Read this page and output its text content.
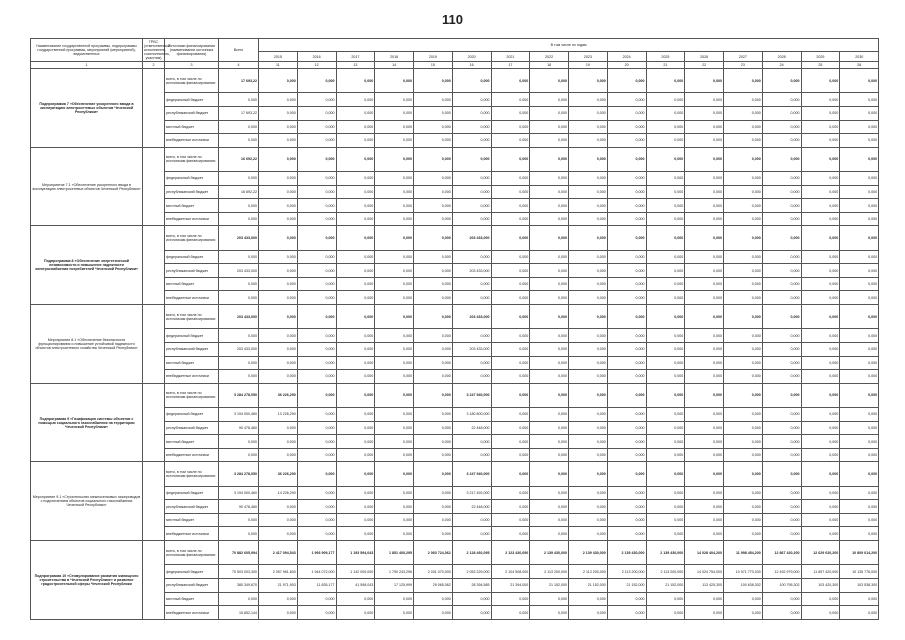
110
Наименование государственной программы, подпрограммы государственной программы, мероприятий (мероприятий), ведомственных	ГРБС (ответственный исполнитель, соисполнитель, участник)	Источники финансирования (наименование источника финансирования)	Всего	В том числе по годам															
				2015	2016	2017	2018	2019	2020	2021	2022	2023	2024	2025	2026	2027	2028	2029	2030
1	2	3	4	11	12	13	14	15	16	17	18	19	20	21	22	23	24	25	26
Подпрограмма 7 «Обеспечение ускоренного ввода в эксплуатацию электросетевых объектов Чеченской Республики»		всего, в том числе по источникам финансирования:	17 693,22	0,000	0,000	0,000	0,000	0,000	0,000	0,000	0,000	0,000	0,000	0,000	0,000	0,000	0,000	0,000	0,000
		федеральный бюджет	0,000	0,000	0,000	0,000	0,000	0,000	0,000	0,000	0,000	0,000	0,000	0,000	0,000	0,000	0,000	0,000	0,000
		республиканский бюджет	17 693,22	0,000	0,000	0,000	0,000	0,000	0,000	0,000	0,000	0,000	0,000	0,000	0,000	0,000	0,000	0,000	0,000
		местный бюджет	0,000	0,000	0,000	0,000	0,000	0,000	0,000	0,000	0,000	0,000	0,000	0,000	0,000	0,000	0,000	0,000	0,000
		внебюджетные источники	0,000	0,000	0,000	0,000	0,000	0,000	0,000	0,000	0,000	0,000	0,000	0,000	0,000	0,000	0,000	0,000	0,000
Мероприятие 7.1 «Обеспечение ускоренного ввода в эксплуатацию электросетевых объектов Чеченской Республики»		всего, в том числе по источникам финансирования:	16 692,22	0,000	0,000	0,000	0,000	0,000	0,000	0,000	0,000	0,000	0,000	0,000	0,000	0,000	0,000	0,000	0,000
		федеральный бюджет	0,000	0,000	0,000	0,000	0,000	0,000	0,000	0,000	0,000	0,000	0,000	0,000	0,000	0,000	0,000	0,000	0,000
		республиканский бюджет	16 692,22	0,000	0,000	0,000	0,000	0,000	0,000	0,000	0,000	0,000	0,000	0,000	0,000	0,000	0,000	0,000	0,000
		местный бюджет	0,000	0,000	0,000	0,000	0,000	0,000	0,000	0,000	0,000	0,000	0,000	0,000	0,000	0,000	0,000	0,000	0,000
		внебюджетные источники	0,000	0,000	0,000	0,000	0,000	0,000	0,000	0,000	0,000	0,000	0,000	0,000	0,000	0,000	0,000	0,000	0,000
Подпрограмма 8 «Обеспечение энергетической независимости и повышение надежности электроснабжения потребителей Чеченской Республики»		всего, в том числе по источникам финансирования:	203 433,000	0,000	0,000	0,000	0,000	0,000	203 433,000	0,000	0,000	0,000	0,000	0,000	0,000	0,000	0,000	0,000	0,000
		федеральный бюджет	0,000	0,000	0,000	0,000	0,000	0,000	0,000	0,000	0,000	0,000	0,000	0,000	0,000	0,000	0,000	0,000	0,000
		республиканский бюджет	203 433,000	0,000	0,000	0,000	0,000	0,000	203 433,000	0,000	0,000	0,000	0,000	0,000	0,000	0,000	0,000	0,000	0,000
		местный бюджет	0,000	0,000	0,000	0,000	0,000	0,000	0,000	0,000	0,000	0,000	0,000	0,000	0,000	0,000	0,000	0,000	0,000
		внебюджетные источники	0,000	0,000	0,000	0,000	0,000	0,000	0,000	0,000	0,000	0,000	0,000	0,000	0,000	0,000	0,000	0,000	0,000
Мероприятие 8.1 «Обеспечение безопасности функционирования и повышение устойчивой надежности объектов электросетевого хозяйства Чеченской Республики»		всего, в том числе по источникам финансирования:	203 433,000	0,000	0,000	0,000	0,000	0,000	203 433,000	0,000	0,000	0,000	0,000	0,000	0,000	0,000	0,000	0,000	0,000
		федеральный бюджет	0,000	0,000	0,000	0,000	0,000	0,000	0,000	0,000	0,000	0,000	0,000	0,000	0,000	0,000	0,000	0,000	0,000
		республиканский бюджет	203 433,000	0,000	0,000	0,000	0,000	0,000	203 433,000	0,000	0,000	0,000	0,000	0,000	0,000	0,000	0,000	0,000	0,000
		местный бюджет	0,000	0,000	0,000	0,000	0,000	0,000	0,000	0,000	0,000	0,000	0,000	0,000	0,000	0,000	0,000	0,000	0,000
		внебюджетные источники	0,000	0,000	0,000	0,000	0,000	0,000	0,000	0,000	0,000	0,000	0,000	0,000	0,000	0,000	0,000	0,000	0,000
Подпрограмма 9 «Газификация системы объектов с помощью социального газоснабжения на территории Чеченской Республики»		всего, в том числе по источникам финансирования:	3 284 278,050	36 226,290	0,000	0,000	0,000	0,000	3 247 940,000	0,000	0,000	0,000	0,000	0,000	0,000	0,000	0,000	0,000	0,000
		федеральный бюджет	3 194 000,460	13 226,290	0,000	0,000	0,000	0,000	3 180 800,000	0,000	0,000	0,000	0,000	0,000	0,000	0,000	0,000	0,000	0,000
		республиканский бюджет	90 478,460	0,000	0,000	0,000	0,000	0,000	22 448,000	0,000	0,000	0,000	0,000	0,000	0,000	0,000	0,000	0,000	0,000
		местный бюджет	0,000	0,000	0,000	0,000	0,000	0,000	0,000	0,000	0,000	0,000	0,000	0,000	0,000	0,000	0,000	0,000	0,000
		внебюджетные источники	0,000	0,000	0,000	0,000	0,000	0,000	0,000	0,000	0,000	0,000	0,000	0,000	0,000	0,000	0,000	0,000	0,000
Мероприятие 9.1 «Строительство межпоселковых газопроводов с подключением объектов социального газоснабжения Чеченской Республики»		всего, в том числе по источникам финансирования:	3 284 278,050	36 226,290	0,000	0,000	0,000	0,000	3 247 940,000	0,000	0,000	0,000	0,000	0,000	0,000	0,000	0,000	0,000	0,000
		федеральный бюджет	3 194 000,460	14 226,290	0,000	0,000	0,000	0,000	3 217 492,000	0,000	0,000	0,000	0,000	0,000	0,000	0,000	0,000	0,000	0,000
		республиканский бюджет	90 478,460	0,000	0,000	0,000	0,000	0,000	22 448,000	0,000	0,000	0,000	0,000	0,000	0,000	0,000	0,000	0,000	0,000
		местный бюджет	0,000	0,000	0,000	0,000	0,000	0,000	0,000	0,000	0,000	0,000	0,000	0,000	0,000	0,000	0,000	0,000	0,000
		внебюджетные источники	0,000	0,000	0,000	0,000	0,000	0,000	0,000	0,000	0,000	0,000	0,000	0,000	0,000	0,000	0,000	0,000	0,000
Подпрограмма 10 «Стимулирование развития жилищного строительства в Чеченской Республике» и развитие градостроительной сферы Чеченской Республики		всего, в том числе по источникам финансирования:	70 882 605,994	2 417 094,543	1 993 909,177	1 193 594,043	1 851 400,295	2 060 724,062	2 128 492,095	2 123 430,690	2 139 430,000	2 139 430,000	2 139 430,000	2 139 430,000	14 028 404,200	11 998 454,200	12 867 420,200	12 629 020,200	10 809 014,200
		федеральный бюджет	70 503 003,300	2 057 961,600	1 944 072,000	1 142 000,000	1 790 243,296	2 031 070,000	2 053 229,000	2 104 508,000	2 113 200,000	2 113 200,000	2 113 200,000	2 113 200,000	14 024 754,000	10 971 770,030	12 492 979,000	11 897 420,000	10 135 776,000
		республиканский бюджет	380 349,670	21 971,903	11 835,177	41 598,043	17 125,999	29 065,062	28 394,585	21 394,000	21 152,000	21 152,000	21 152,000	21 152,000	113 425,300	100 638,302	100 795,302	103 420,300	103 538,300
		местный бюджет	0,000	0,000	0,000	0,000	0,000	0,000	0,000	0,000	0,000	0,000	0,000	0,000	0,000	0,000	0,000	0,000	0,000
		внебюджетные источники	15 652,144	0,000	0,000	0,000	0,000	0,000	0,000	0,000	0,000	0,000	0,000	0,000	0,000	0,000	0,000	0,000	0,000
